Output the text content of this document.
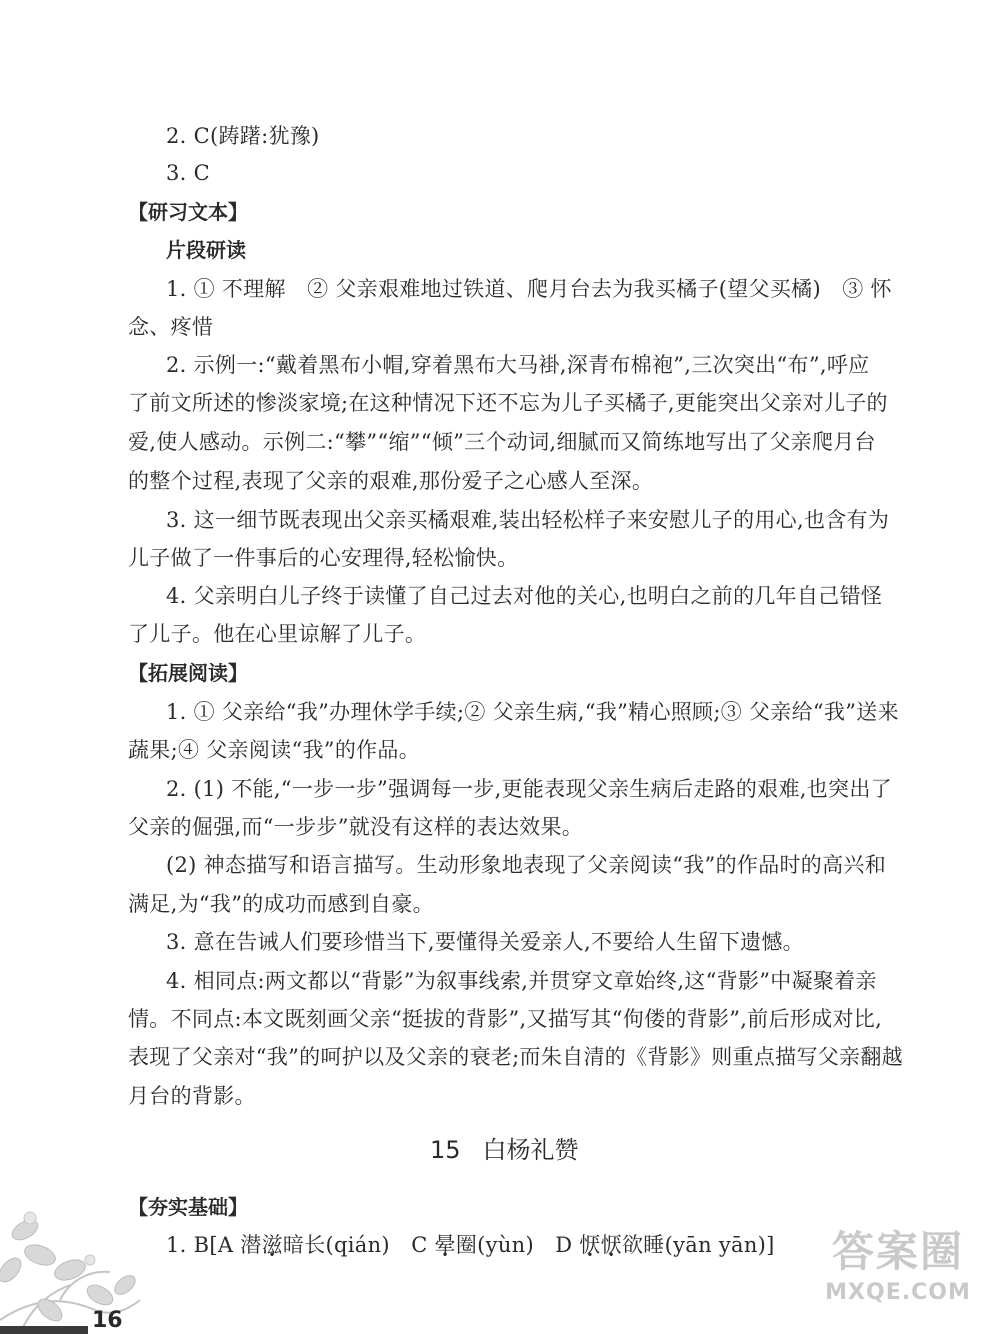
2. C(踌躇:犹豫)
3. C
【研习文本】
片段研读
1. ① 不理解　② 父亲艰难地过铁道、爬月台去为我买橘子(望父买橘)　③ 怀
念、疼惜
2. 示例一:“戴着黑布小帽,穿着黑布大马褂,深青布棉袍”,三次突出“布”,呼应
了前文所述的惨淡家境;在这种情况下还不忘为儿子买橘子,更能突出父亲对儿子的
爱,使人感动。示例二:“攀”“缩”“倾”三个动词,细腻而又简练地写出了父亲爬月台
的整个过程,表现了父亲的艰难,那份爱子之心感人至深。
3. 这一细节既表现出父亲买橘艰难,装出轻松样子来安慰儿子的用心,也含有为
儿子做了一件事后的心安理得,轻松愉快。
4. 父亲明白儿子终于读懂了自己过去对他的关心,也明白之前的几年自己错怪
了儿子。他在心里谅解了儿子。
【拓展阅读】
1. ① 父亲给“我”办理休学手续;② 父亲生病,“我”精心照顾;③ 父亲给“我”送来
蔬果;④ 父亲阅读“我”的作品。
2. (1) 不能,“一步一步”强调每一步,更能表现父亲生病后走路的艰难,也突出了
父亲的倔强,而“一步步”就没有这样的表达效果。
(2) 神态描写和语言描写。生动形象地表现了父亲阅读“我”的作品时的高兴和
满足,为“我”的成功而感到自豪。
3. 意在告诫人们要珍惜当下,要懂得关爱亲人,不要给人生留下遗憾。
4. 相同点:两文都以“背影”为叙事线索,并贯穿文章始终,这“背影”中凝聚着亲
情。不同点:本文既刻画父亲“挺拔的背影”,又描写其“佝偻的背影”,前后形成对比,
表现了父亲对“我”的呵护以及父亲的衰老;而朱自清的《背影》则重点描写父亲翻越
月台的背影。
15 白杨礼赞
【夯实基础】
1. B[A 潜滋暗长(qián)　C 晕圈(yùn)　D 恹恹欲睡(yān yān)]	答案圈
MXQE.COM
16
